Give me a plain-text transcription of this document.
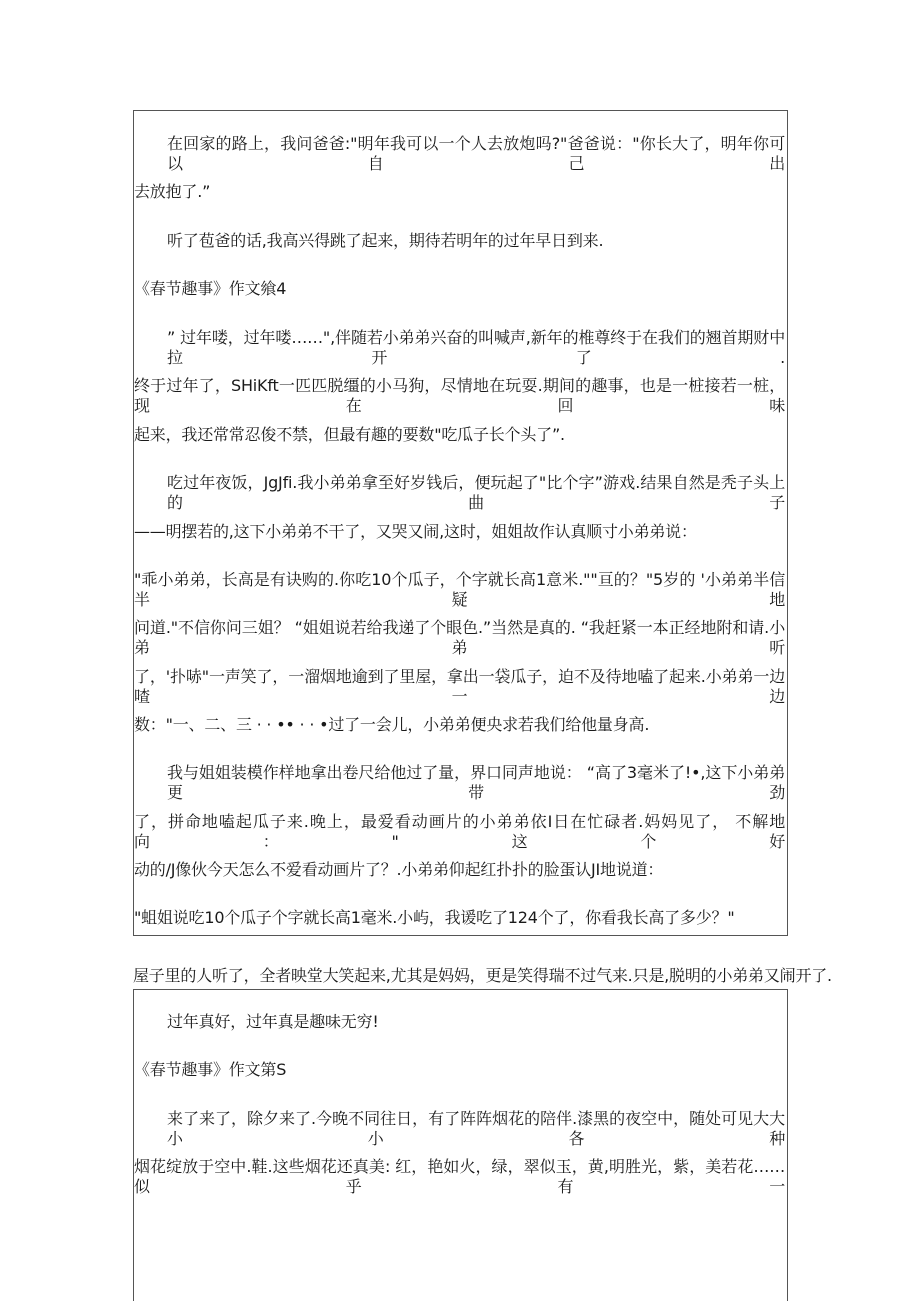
在回家的路上，我问爸爸:"明年我可以一个人去放炮吗?"爸爸说："你长大了，明年你可以自己出
去放抱了.”
听了苞爸的话,我高兴得跳了起来，期待若明年的过年早日到来.
《春节趣事》作文飨4
” 过年喽，过年喽……",伴随若小弟弟兴奋的叫喊声,新年的椎尊终于在我们的翘首期财中拉开了.
终于过年了，SHiKft一匹匹脱缰的小马狗，尽情地在玩耍.期间的趣事，也是一桩接若一桩，现在回味
起来，我还常常忍俊不禁，但最有趣的要数"吃瓜子长个头了”.
吃过年夜饭，JgJfi.我小弟弟拿至好岁钱后，便玩起了"比个字”游戏.结果自然是秃子头上的曲子
——明摆若的,这下小弟弟不干了，又哭又闹,这时，姐姐故作认真顺寸小弟弟说：
"乖小弟弟，长高是有诀购的.你吃10个瓜子，个字就长高1意米.""亘的？"5岁的 '小弟弟半信半疑地
问道."不信你问三姐？ “姐姐说若给我递了个眼色.”当然是真的. “我赶紧一本正经地附和请.小弟弟听
了，'扑哧"一声笑了，一溜烟地逾到了里屋，拿出一袋瓜子，迫不及待地嗑了起来.小弟弟一边喳一边
数："一、二、三 · · •• · · •过了一会儿，小弟弟便央求若我们给他量身高.
我与姐姐装模作样地拿出卷尺给他过了量，界口同声地说： “高了3毫米了!•,这下小弟弟更带劲
了，拼命地嗑起瓜子来.晚上，最爱看动画片的小弟弟依I日在忙碌者.妈妈见了， 不解地向："这个好
动的/J像伙今天怎么不爱看动画片了？.小弟弟仰起红扑扑的脸蛋认JI地说道：
"蛆姐说吃10个瓜子个字就长高1毫米.小屿，我谖吃了124个了，你看我长高了多少？"
屋子里的人听了，全者映堂大笑起来,尤其是妈妈，更是笑得瑞不过气来.只是,脱明的小弟弟又闹开了.
过年真好，过年真是趣味无穷!
《春节趣事》作文第S
来了来了，除夕来了.今晚不同往日，有了阵阵烟花的陪伴.漆黑的夜空中，随处可见大大小小各种
烟花绽放于空中.鞋.这些烟花还真美: 红，艳如火，绿，翠似玉，黄,明胜光，紫，美若花……似乎有一
